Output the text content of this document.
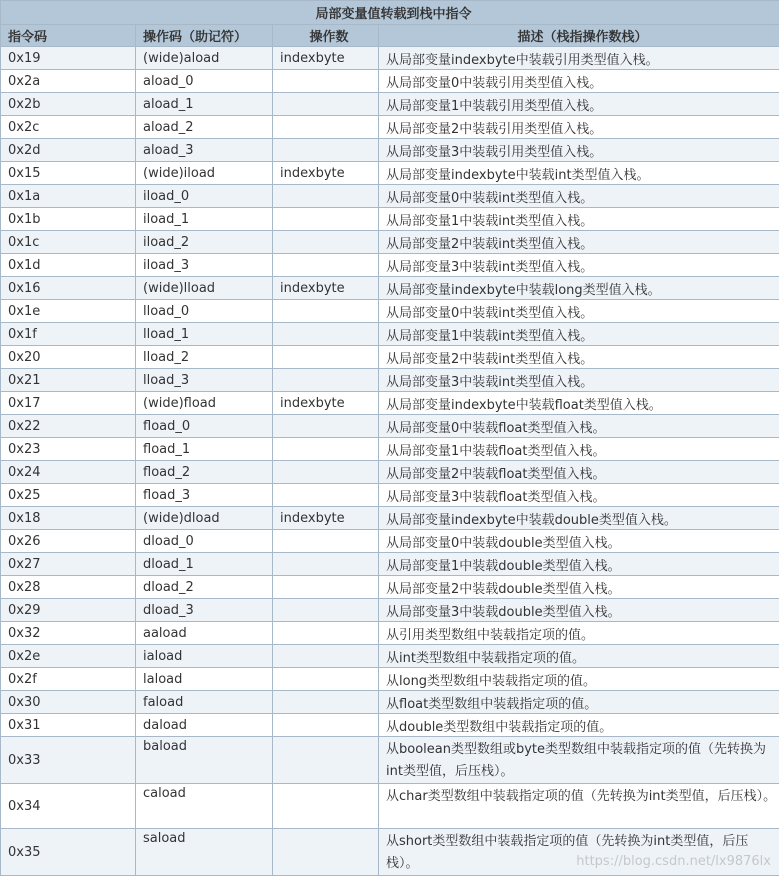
局部变量值转载到栈中指令			
指令码	操作码（助记符）	操作数	描述（栈指操作数栈）
0x19	(wide)aload	indexbyte	从局部变量indexbyte中装载引用类型值入栈。
0x2a	aload_0		从局部变量0中装载引用类型值入栈。
0x2b	aload_1		从局部变量1中装载引用类型值入栈。
0x2c	aload_2		从局部变量2中装载引用类型值入栈。
0x2d	aload_3		从局部变量3中装载引用类型值入栈。
0x15	(wide)iload	indexbyte	从局部变量indexbyte中装载int类型值入栈。
0x1a	iload_0		从局部变量0中装载int类型值入栈。
0x1b	iload_1		从局部变量1中装载int类型值入栈。
0x1c	iload_2		从局部变量2中装载int类型值入栈。
0x1d	iload_3		从局部变量3中装载int类型值入栈。
0x16	(wide)lload	indexbyte	从局部变量indexbyte中装载long类型值入栈。
0x1e	lload_0		从局部变量0中装载int类型值入栈。
0x1f	lload_1		从局部变量1中装载int类型值入栈。
0x20	lload_2		从局部变量2中装载int类型值入栈。
0x21	lload_3		从局部变量3中装载int类型值入栈。
0x17	(wide)fload	indexbyte	从局部变量indexbyte中装载float类型值入栈。
0x22	fload_0		从局部变量0中装载float类型值入栈。
0x23	fload_1		从局部变量1中装载float类型值入栈。
0x24	fload_2		从局部变量2中装载float类型值入栈。
0x25	fload_3		从局部变量3中装载float类型值入栈。
0x18	(wide)dload	indexbyte	从局部变量indexbyte中装载double类型值入栈。
0x26	dload_0		从局部变量0中装载double类型值入栈。
0x27	dload_1		从局部变量1中装载double类型值入栈。
0x28	dload_2		从局部变量2中装载double类型值入栈。
0x29	dload_3		从局部变量3中装载double类型值入栈。
0x32	aaload		从引用类型数组中装载指定项的值。
0x2e	iaload		从int类型数组中装载指定项的值。
0x2f	laload		从long类型数组中装载指定项的值。
0x30	faload		从float类型数组中装载指定项的值。
0x31	daload		从double类型数组中装载指定项的值。
0x33	baload		从boolean类型数组或byte类型数组中装载指定项的值（先转换为int类型值，后压栈）。
0x34	caload		从char类型数组中装载指定项的值（先转换为int类型值，后压栈）。
0x35	saload		从short类型数组中装载指定项的值（先转换为int类型值，后压栈）。	https://blog.csdn.net/lx9876lx
